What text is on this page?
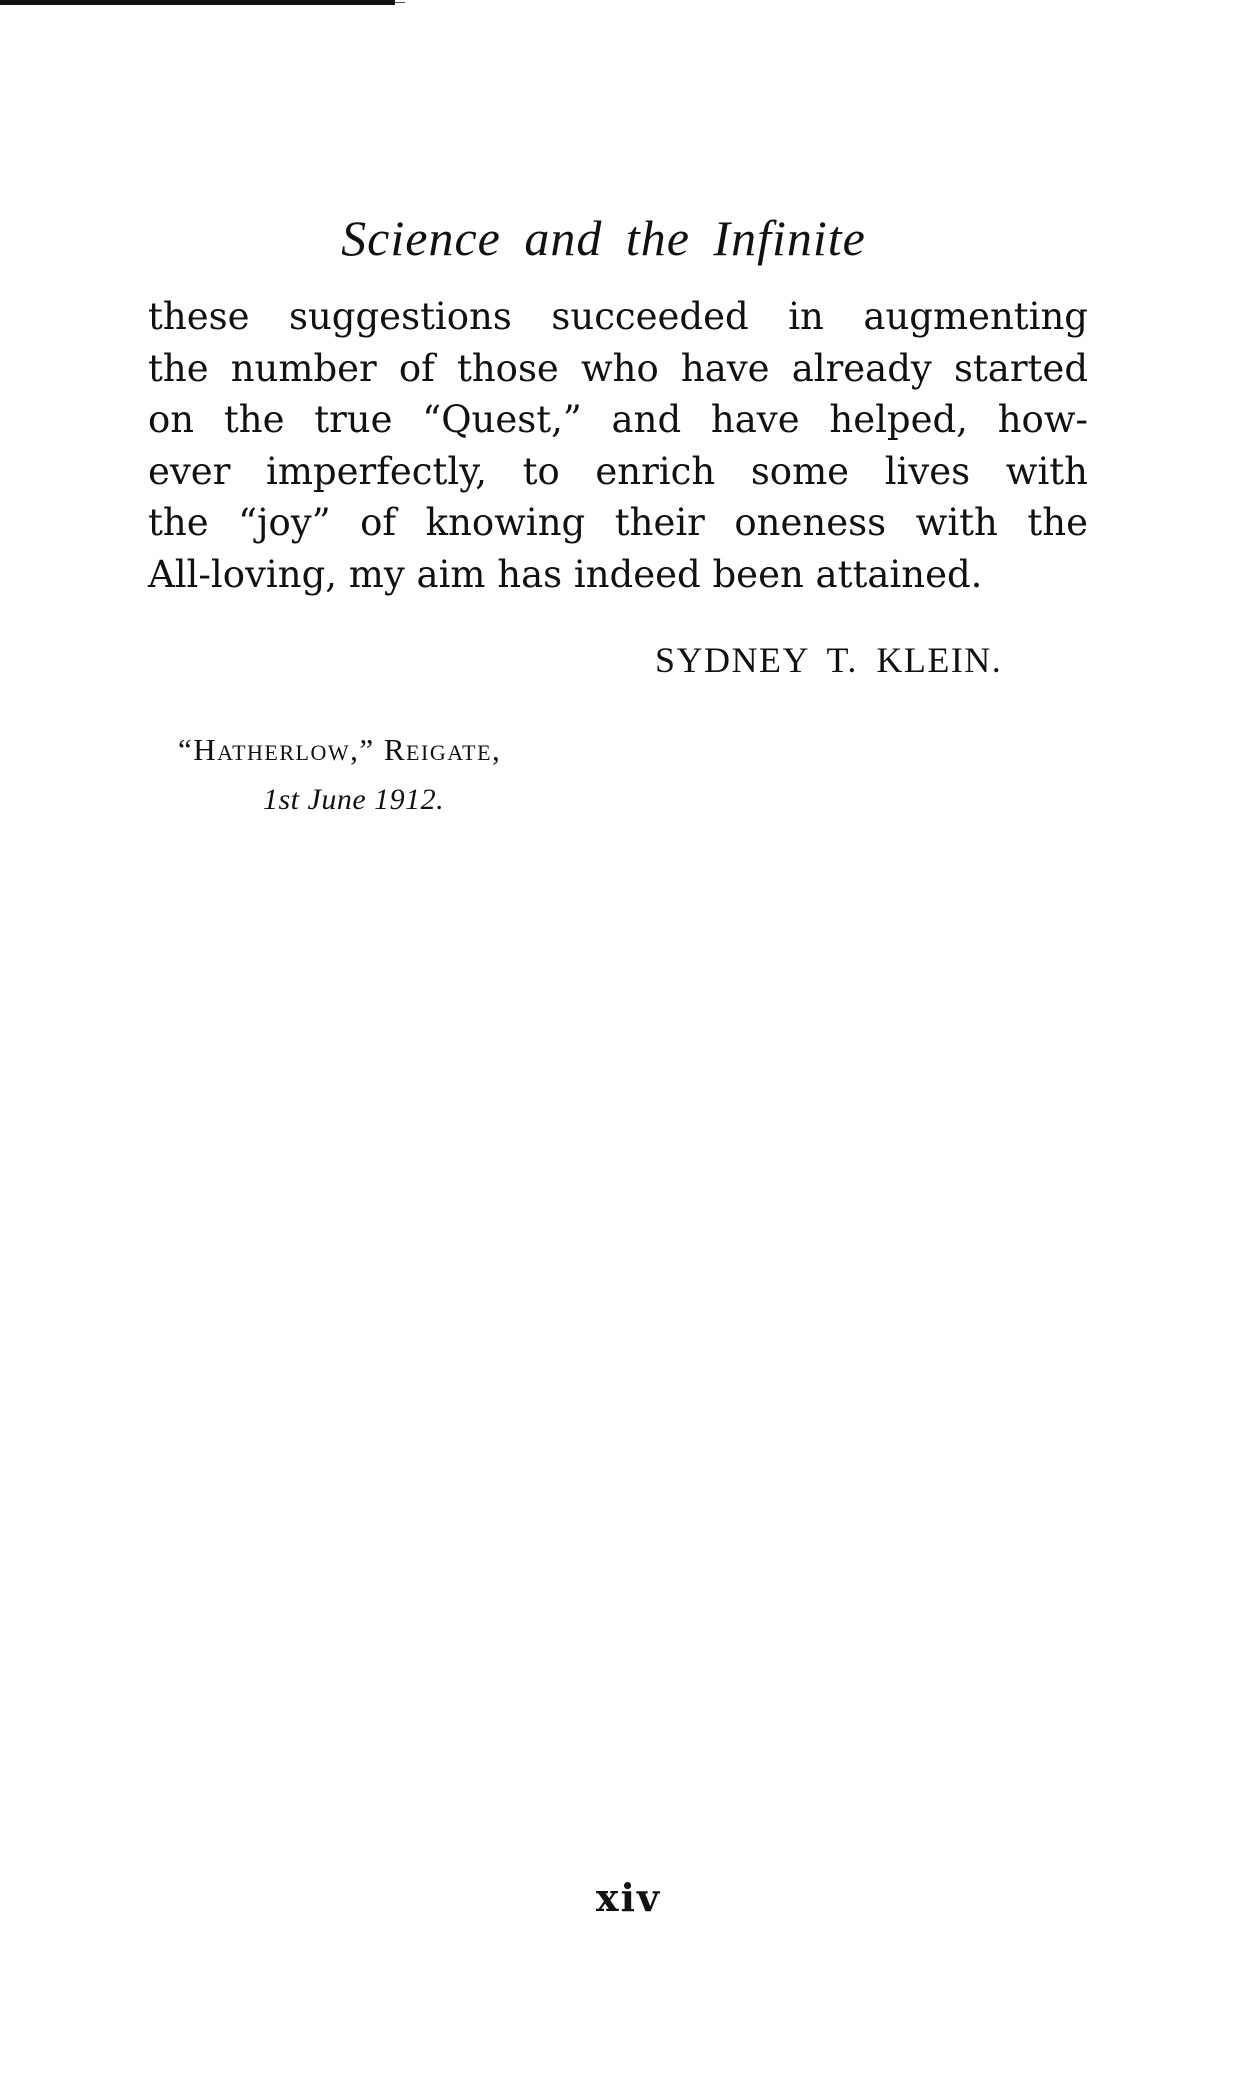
Science and the Infinite
these suggestions succeeded in augmenting
the number of those who have already started
on the true “Quest,” and have helped, how-
ever imperfectly, to enrich some lives with
the “joy” of knowing their oneness with the
All-loving, my aim has indeed been attained.
SYDNEY T. KLEIN.
“Hatherlow,” Reigate,
1st June 1912.
xiv
